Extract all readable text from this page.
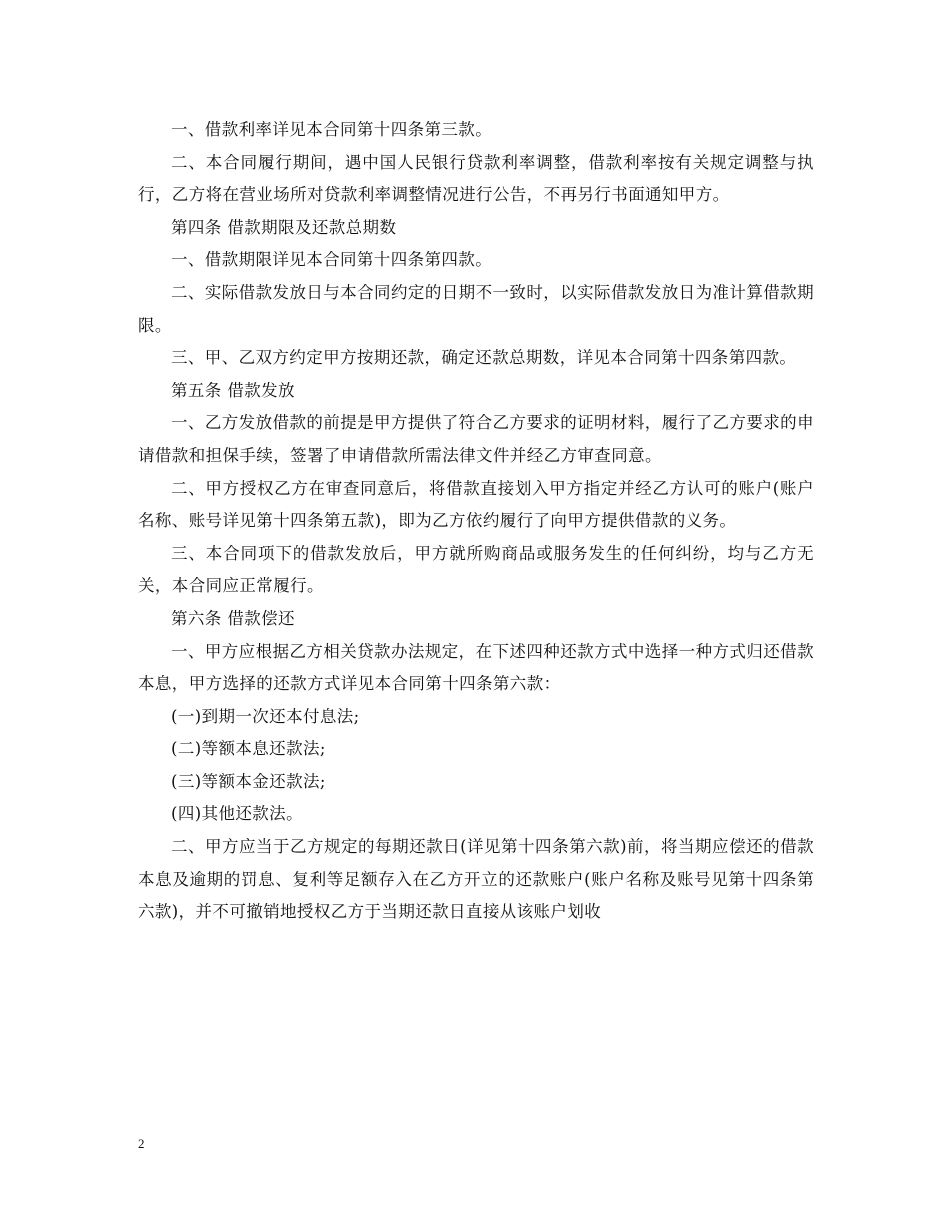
一、借款利率详见本合同第十四条第三款。

二、本合同履行期间，遇中国人民银行贷款利率调整，借款利率按有关规定调整与执行，乙方将在营业场所对贷款利率调整情况进行公告，不再另行书面通知甲方。

第四条 借款期限及还款总期数

一、借款期限详见本合同第十四条第四款。

二、实际借款发放日与本合同约定的日期不一致时，以实际借款发放日为准计算借款期限。

三、甲、乙双方约定甲方按期还款，确定还款总期数，详见本合同第十四条第四款。

第五条 借款发放

一、乙方发放借款的前提是甲方提供了符合乙方要求的证明材料，履行了乙方要求的申请借款和担保手续，签署了申请借款所需法律文件并经乙方审查同意。

二、甲方授权乙方在审查同意后，将借款直接划入甲方指定并经乙方认可的账户(账户名称、账号详见第十四条第五款)，即为乙方依约履行了向甲方提供借款的义务。

三、本合同项下的借款发放后，甲方就所购商品或服务发生的任何纠纷，均与乙方无关，本合同应正常履行。

第六条 借款偿还

一、甲方应根据乙方相关贷款办法规定，在下述四种还款方式中选择一种方式归还借款本息，甲方选择的还款方式详见本合同第十四条第六款：

(一)到期一次还本付息法;

(二)等额本息还款法;

(三)等额本金还款法;

(四)其他还款法。

二、甲方应当于乙方规定的每期还款日(详见第十四条第六款)前，将当期应偿还的借款本息及逾期的罚息、复利等足额存入在乙方开立的还款账户(账户名称及账号见第十四条第六款)，并不可撤销地授权乙方于当期还款日直接从该账户划收

2
